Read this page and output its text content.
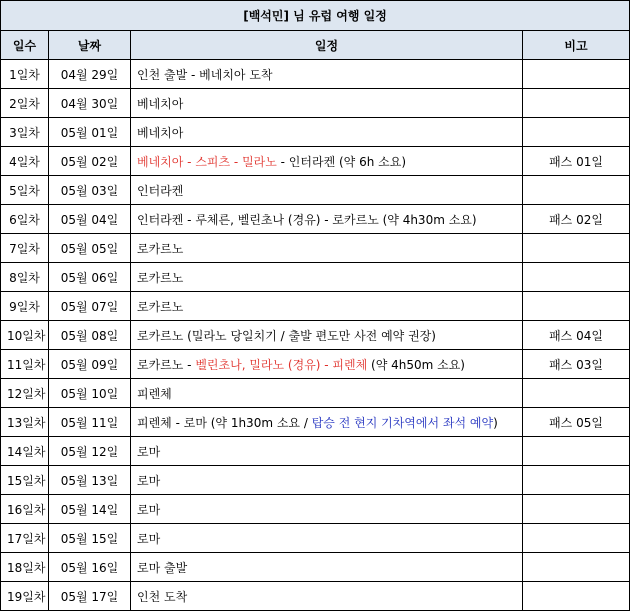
[백석민] 님 유럽 여행 일정			
일수	날짜	일정	비고
1일차	04월 29일	인천 출발 - 베네치아 도착	
2일차	04월 30일	베네치아	
3일차	05월 01일	베네치아	
4일차	05월 02일	베네치아 - 스피츠 - 밀라노 - 인터라켄 (약 6h 소요)	패스 01일
5일차	05월 03일	인터라켄	
6일차	05월 04일	인터라켄 - 루체른, 벨린초나 (경유) - 로카르노 (약 4h30m 소요)	패스 02일
7일차	05월 05일	로카르노	
8일차	05월 06일	로카르노	
9일차	05월 07일	로카르노	
10일차	05월 08일	로카르노 (밀라노 당일치기 / 출발 편도만 사전 예약 권장)	패스 04일
11일차	05월 09일	로카르노 - 벨린초나, 밀라노 (경유) - 피렌체 (약 4h50m 소요)	패스 03일
12일차	05월 10일	피렌체	
13일차	05월 11일	피렌체 - 로마 (약 1h30m 소요 / 탑승 전 현지 기차역에서 좌석 예약)	패스 05일
14일차	05월 12일	로마	
15일차	05월 13일	로마	
16일차	05월 14일	로마	
17일차	05월 15일	로마	
18일차	05월 16일	로마 출발	
19일차	05월 17일	인천 도착	
